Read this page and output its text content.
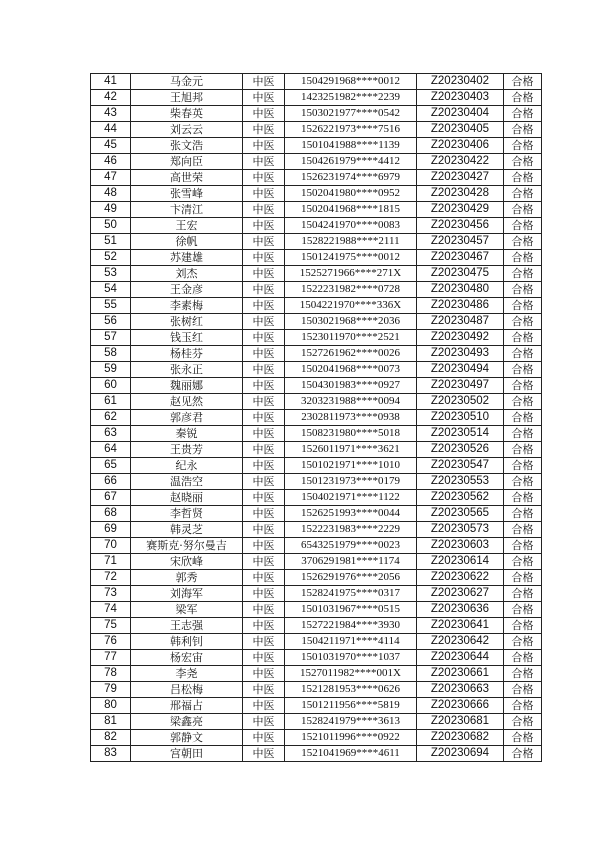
41	马金元	中医	1504291968****0012	Z20230402	合格
42	王旭邦	中医	1423251982****2239	Z20230403	合格
43	柴春英	中医	1503021977****0542	Z20230404	合格
44	刘云云	中医	1526221973****7516	Z20230405	合格
45	张文浩	中医	1501041988****1139	Z20230406	合格
46	郑向臣	中医	1504261979****4412	Z20230422	合格
47	高世荣	中医	1526231974****6979	Z20230427	合格
48	张雪峰	中医	1502041980****0952	Z20230428	合格
49	卞清江	中医	1502041968****1815	Z20230429	合格
50	王宏	中医	1504241970****0083	Z20230456	合格
51	徐帆	中医	1528221988****2111	Z20230457	合格
52	苏建雄	中医	1501241975****0012	Z20230467	合格
53	刘杰	中医	1525271966****271X	Z20230475	合格
54	王金彦	中医	1522231982****0728	Z20230480	合格
55	李素梅	中医	1504221970****336X	Z20230486	合格
56	张树红	中医	1503021968****2036	Z20230487	合格
57	钱玉红	中医	1523011970****2521	Z20230492	合格
58	杨桂芬	中医	1527261962****0026	Z20230493	合格
59	张永正	中医	1502041968****0073	Z20230494	合格
60	魏丽娜	中医	1504301983****0927	Z20230497	合格
61	赵见然	中医	3203231988****0094	Z20230502	合格
62	郭彦君	中医	2302811973****0938	Z20230510	合格
63	秦锐	中医	1508231980****5018	Z20230514	合格
64	王贵芳	中医	1526011971****3621	Z20230526	合格
65	纪永	中医	1501021971****1010	Z20230547	合格
66	温浩空	中医	1501231973****0179	Z20230553	合格
67	赵晓丽	中医	1504021971****1122	Z20230562	合格
68	李哲贤	中医	1526251993****0044	Z20230565	合格
69	韩灵芝	中医	1522231983****2229	Z20230573	合格
70	赛斯克·努尔曼吉	中医	6543251979****0023	Z20230603	合格
71	宋欣峰	中医	3706291981****1174	Z20230614	合格
72	郭秀	中医	1526291976****2056	Z20230622	合格
73	刘海军	中医	1528241975****0317	Z20230627	合格
74	梁军	中医	1501031967****0515	Z20230636	合格
75	王志强	中医	1527221984****3930	Z20230641	合格
76	韩利钊	中医	1504211971****4114	Z20230642	合格
77	杨宏宙	中医	1501031970****1037	Z20230644	合格
78	李尧	中医	1527011982****001X	Z20230661	合格
79	吕松梅	中医	1521281953****0626	Z20230663	合格
80	邢福占	中医	1501211956****5819	Z20230666	合格
81	梁鑫亮	中医	1528241979****3613	Z20230681	合格
82	郭静文	中医	1521011996****0922	Z20230682	合格
83	宫朝田	中医	1521041969****4611	Z20230694	合格
